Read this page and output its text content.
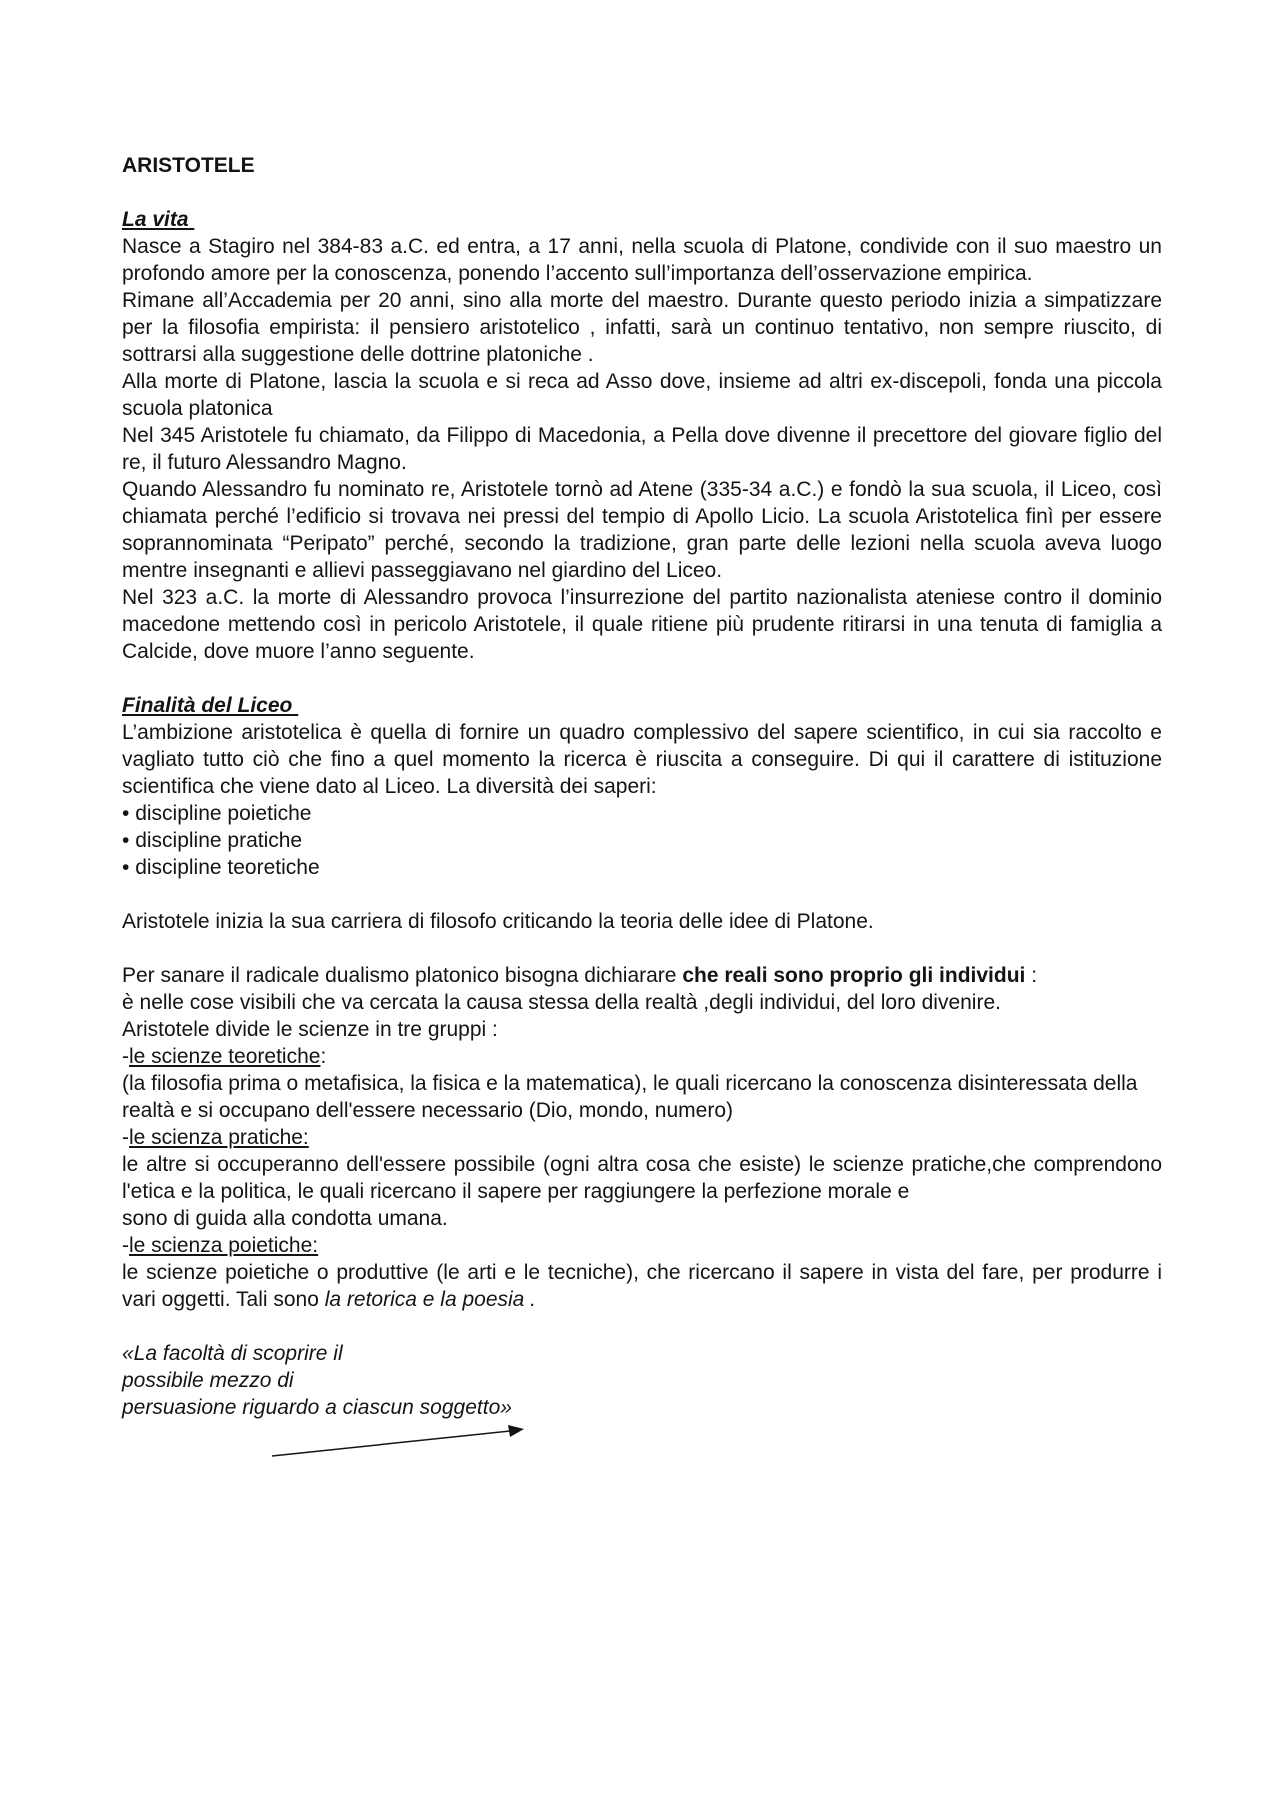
ARISTOTELE
La vita

Nasce a Stagiro nel 384-83 a.C. ed entra, a 17 anni, nella scuola di Platone, condivide con il suo maestro un profondo amore per la conoscenza, ponendo l’accento sull’importanza dell’osservazione empirica.

Rimane all’Accademia per 20 anni, sino alla morte del maestro. Durante questo periodo inizia a simpatizzare per la filosofia empirista: il pensiero aristotelico , infatti, sarà un continuo tentativo, non sempre riuscito, di sottrarsi alla suggestione delle dottrine platoniche .

Alla morte di Platone, lascia la scuola e si reca ad Asso dove, insieme ad altri ex-discepoli, fonda una piccola scuola platonica

Nel 345 Aristotele fu chiamato, da Filippo di Macedonia, a Pella dove divenne il precettore del giovare figlio del re, il futuro Alessandro Magno.

Quando Alessandro fu nominato re, Aristotele tornò ad Atene (335-34 a.C.) e fondò la sua scuola, il Liceo, così chiamata perché l’edificio si trovava nei pressi del tempio di Apollo Licio. La scuola Aristotelica finì per essere soprannominata “Peripato” perché, secondo la tradizione, gran parte delle lezioni nella scuola aveva luogo mentre insegnanti e allievi passeggiavano nel giardino del Liceo.

Nel 323 a.C. la morte di Alessandro provoca l’insurrezione del partito nazionalista ateniese contro il dominio macedone mettendo così in pericolo Aristotele, il quale ritiene più prudente ritirarsi in una tenuta di famiglia a Calcide, dove muore l’anno seguente.

Finalità del Liceo

L’ambizione aristotelica è quella di fornire un quadro complessivo del sapere scientifico, in cui sia raccolto e vagliato tutto ciò che fino a quel momento la ricerca è riuscita a conseguire. Di qui il carattere di istituzione scientifica che viene dato al Liceo. La diversità dei saperi:

• discipline poietiche
• discipline pratiche
• discipline teoretiche

Aristotele inizia la sua carriera di filosofo criticando la teoria delle idee di Platone.

Per sanare il radicale dualismo platonico bisogna dichiarare che reali sono proprio gli individui :

è nelle cose visibili che va cercata la causa stessa della realtà ,degli individui, del loro divenire.

Aristotele divide le scienze in tre gruppi :

-le scienze teoretiche:

(la filosofia prima o metafisica, la fisica e la matematica), le quali ricercano la conoscenza disinteressata della

realtà e si occupano dell'essere necessario (Dio, mondo, numero)

-le scienza pratiche:

le altre si occuperanno dell'essere possibile (ogni altra cosa che esiste) le scienze pratiche,che comprendono l'etica e la politica, le quali ricercano il sapere per raggiungere la perfezione morale e

sono di guida alla condotta umana.

-le scienza poietiche:

le scienze poietiche o produttive (le arti e le tecniche), che ricercano il sapere in vista del fare, per produrre i vari oggetti. Tali sono la retorica e la poesia .

«La facoltà di scoprire il
possibile mezzo di
persuasione riguardo a ciascun soggetto»
